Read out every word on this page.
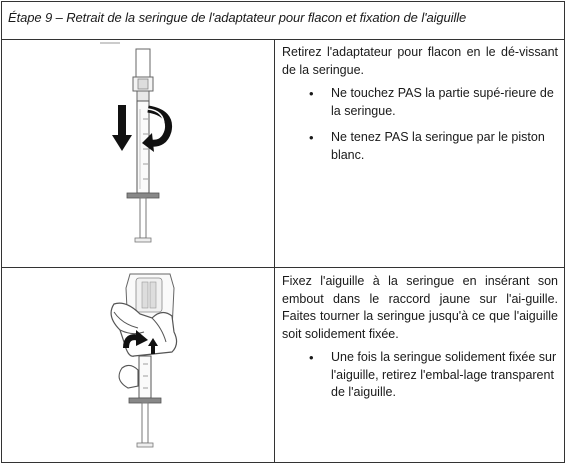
Étape 9 – Retrait de la seringue de l'adaptateur pour flacon et fixation de l'aiguille

Retirez l'adaptateur pour flacon en le dé-vissant de la seringue.

• Ne touchez PAS la partie supé-rieure de la seringue.
• Ne tenez PAS la seringue par le piston blanc.

Fixez l'aiguille à la seringue en insérant son embout dans le raccord jaune sur l'ai-guille. Faites tourner la seringue jusqu'à ce que l'aiguille soit solidement fixée.

• Une fois la seringue solidement fixée sur l'aiguille, retirez l'embal-lage transparent de l'aiguille.
